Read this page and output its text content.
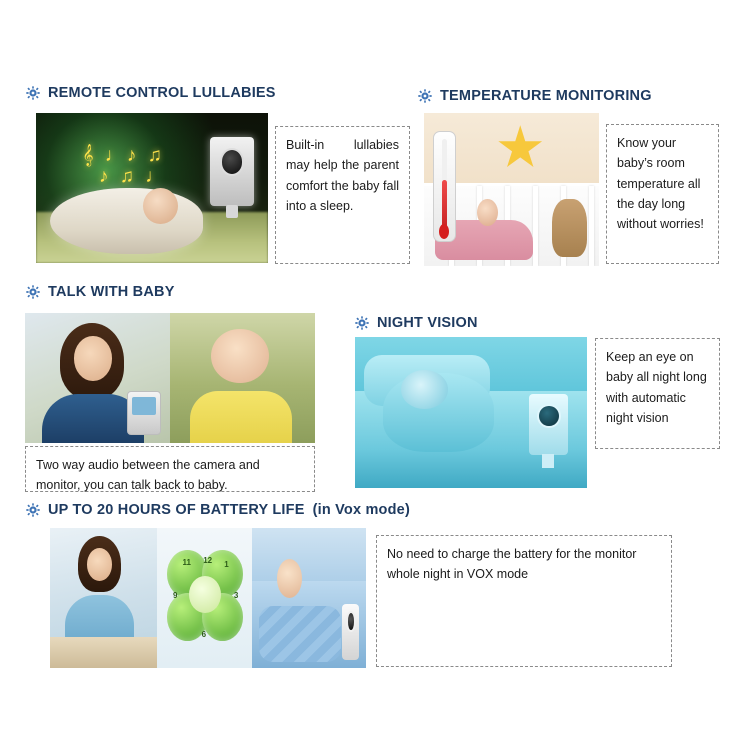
REMOTE CONTROL LULLABIES
𝄞 ♩♪ ♫
♪ ♫ ♩
Built-in lullabies may help the parent comfort the baby fall into a sleep.
TEMPERATURE MONITORING
Know your baby’s room temperature all the day long without worries!
TALK WITH BABY
Two way audio between the camera and monitor, you can talk back to baby.
NIGHT VISION
Keep an eye on baby all night long with automatic night vision
UP TO 20 HOURS OF BATTERY LIFE (in Vox mode)
11 12 1
3
6
9
No need to charge the battery for the monitor whole night in VOX mode
